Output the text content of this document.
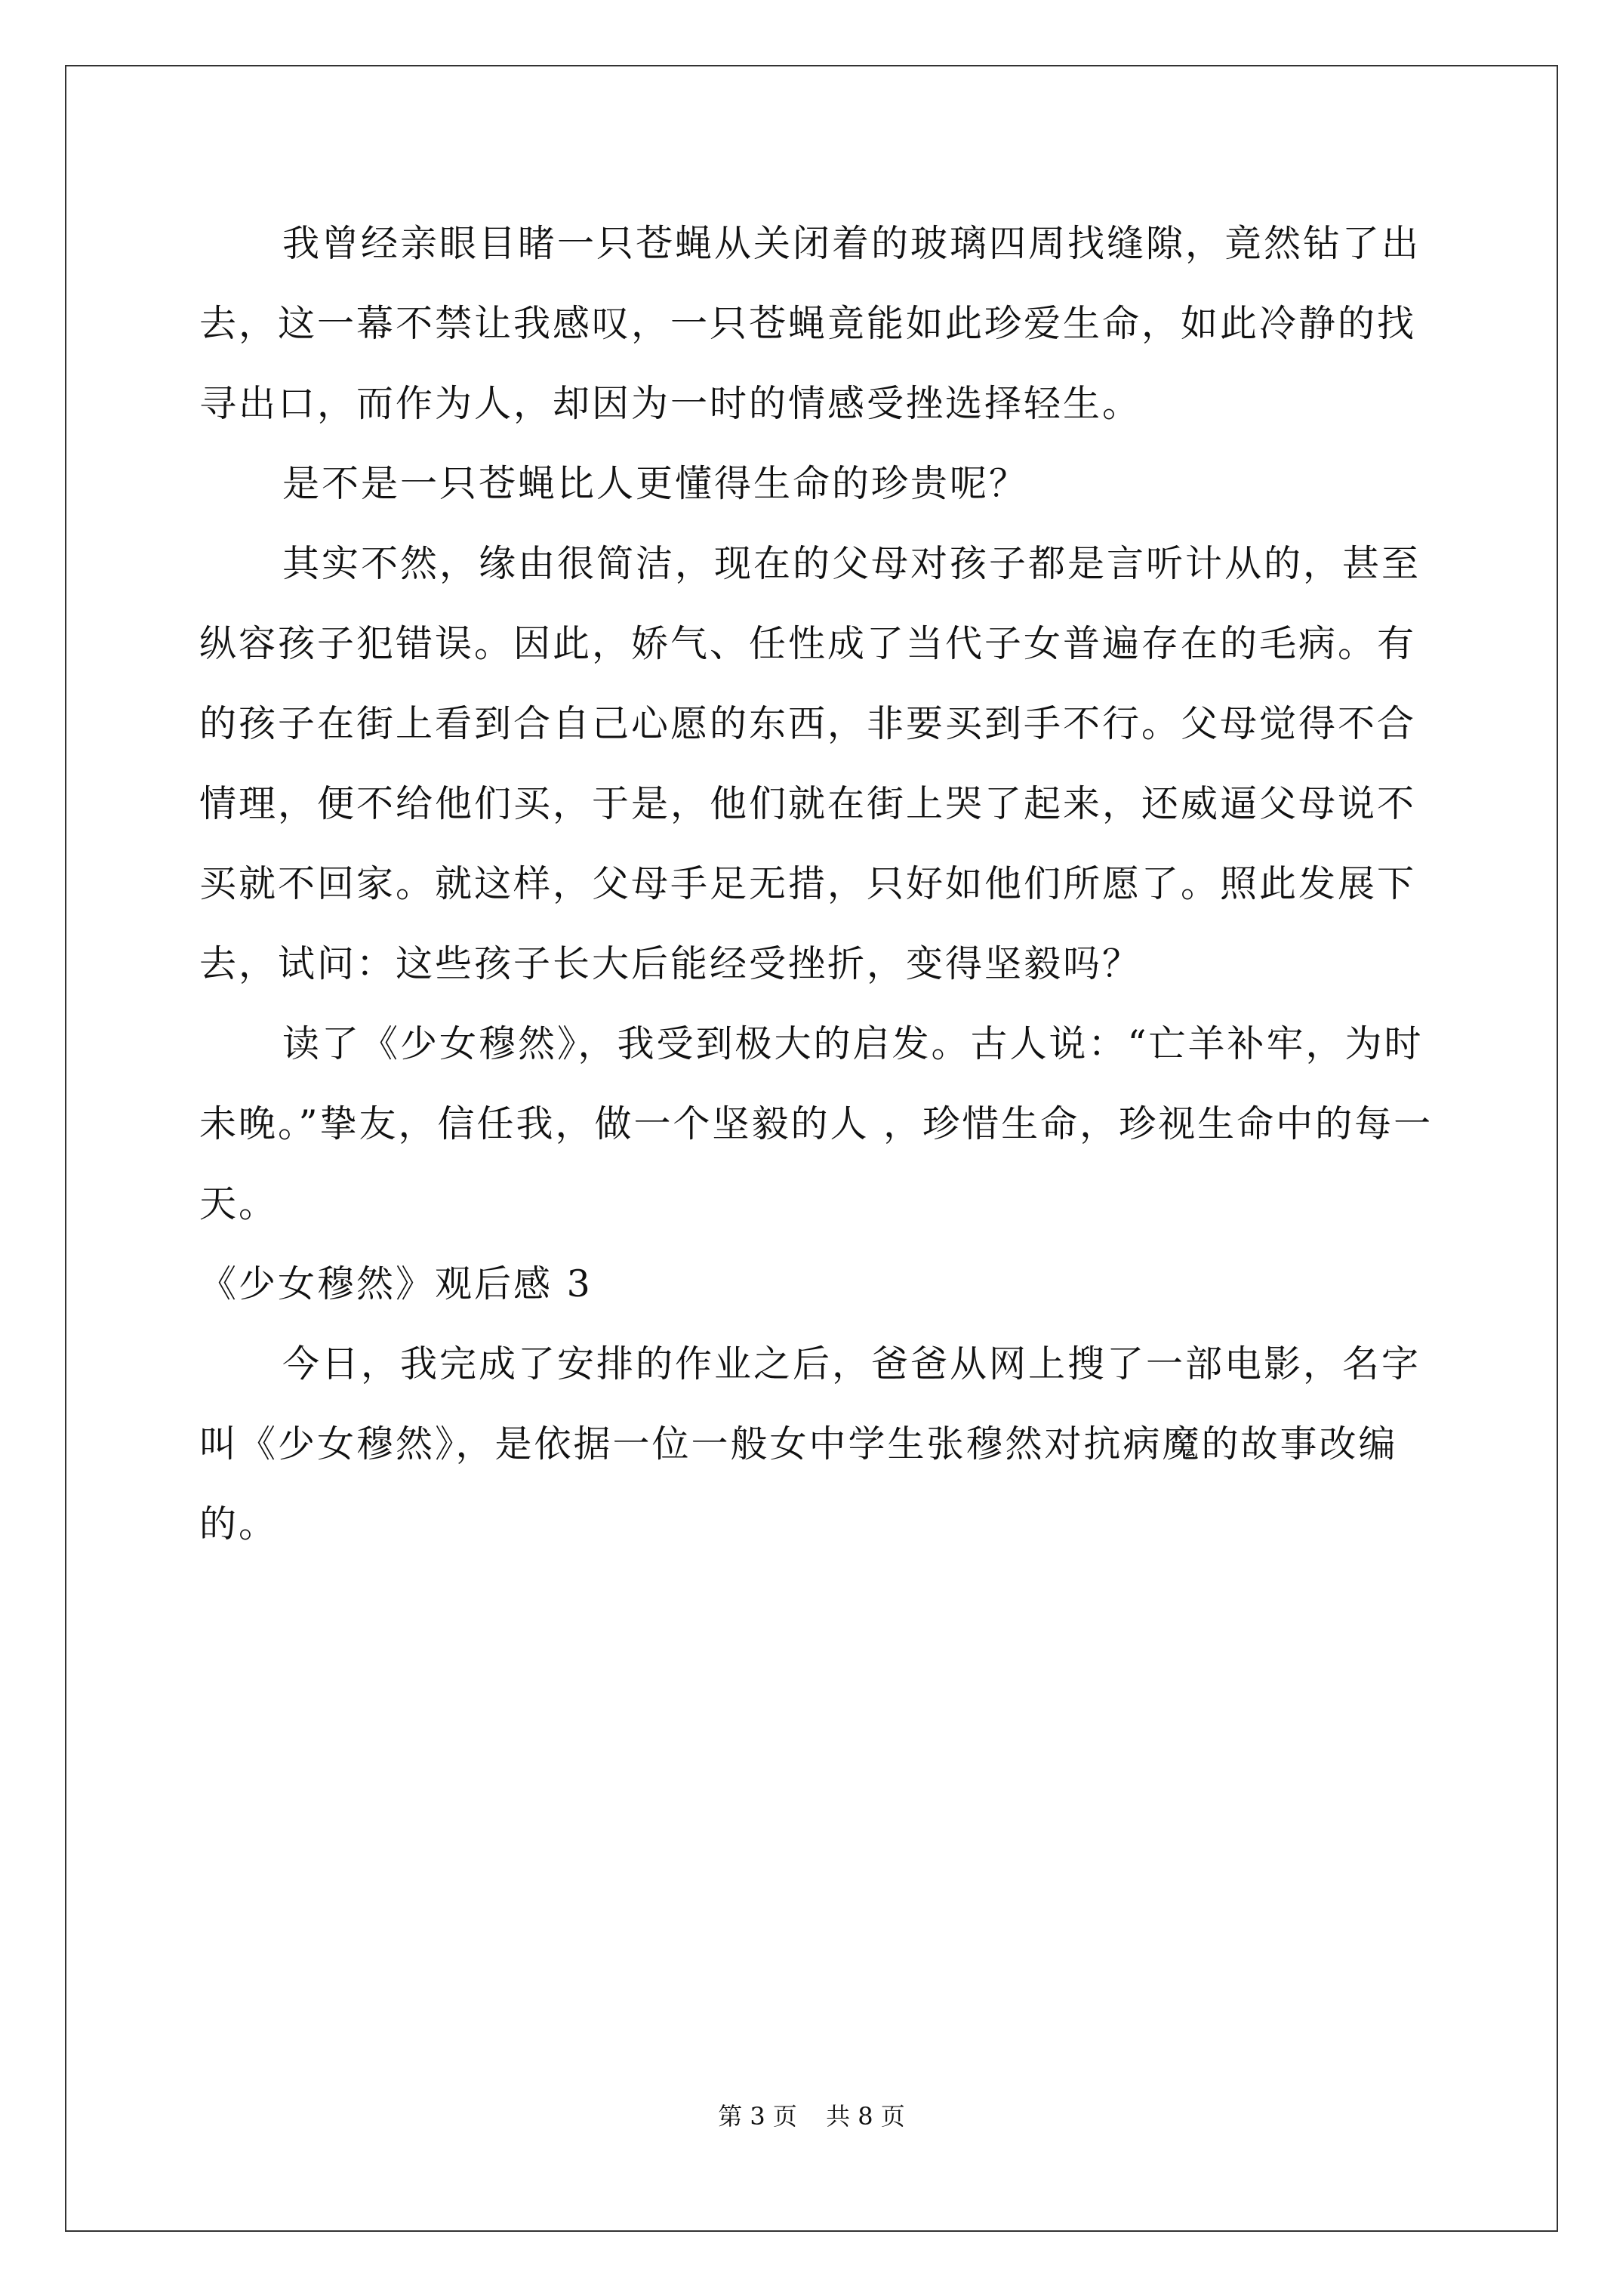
我曾经亲眼目睹一只苍蝇从关闭着的玻璃四周找缝隙，竟然钻了出去，这一幕不禁让我感叹，一只苍蝇竟能如此珍爱生命，如此冷静的找寻出口，而作为人，却因为一时的情感受挫选择轻生。

是不是一只苍蝇比人更懂得生命的珍贵呢？

其实不然，缘由很简洁，现在的父母对孩子都是言听计从的，甚至纵容孩子犯错误。因此，娇气、任性成了当代子女普遍存在的毛病。有的孩子在街上看到合自己心愿的东西，非要买到手不行。父母觉得不合情理，便不给他们买，于是，他们就在街上哭了起来，还威逼父母说不买就不回家。就这样，父母手足无措，只好如他们所愿了。照此发展下去，试问：这些孩子长大后能经受挫折，变得坚毅吗？

读了《少女穆然》，我受到极大的启发。古人说：“亡羊补牢，为时未晚。”挚友，信任我，做一个坚毅的人 ，珍惜生命，珍视生命中的每一天。

《少女穆然》观后感 3

今日，我完成了安排的作业之后，爸爸从网上搜了一部电影，名字叫《少女穆然》，是依据一位一般女中学生张穆然对抗病魔的故事改编的。

第 3 页 共 8 页
